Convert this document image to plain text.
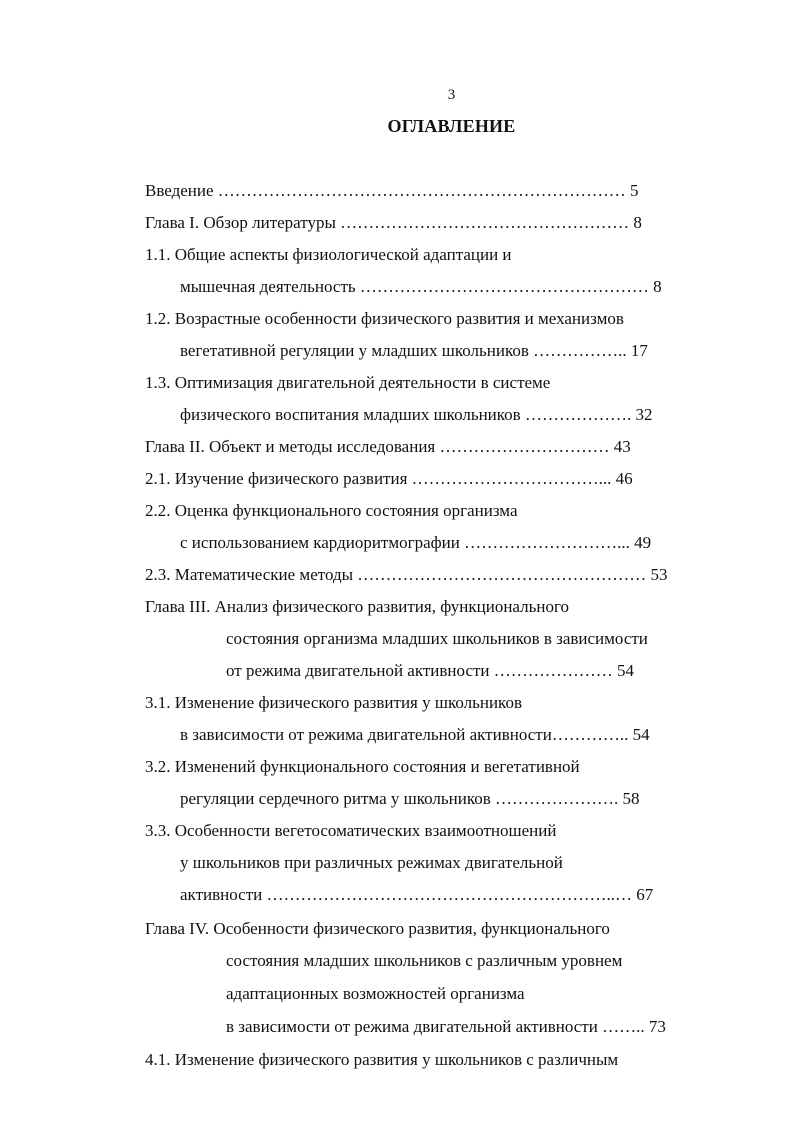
3
ОГЛАВЛЕНИЕ
Введение ……………………………………………………………… 5
Глава I. Обзор литературы …………………………………………… 8
1.1. Общие аспекты физиологической адаптации и
мышечная деятельность …………………………………………… 8
1.2. Возрастные особенности физического развития и механизмов
вегетативной регуляции у младших школьников …………….. 17
1.3. Оптимизация двигательной деятельности в системе
физического воспитания младших школьников ………………. 32
Глава II. Объект и методы исследования ………………………… 43
2.1. Изучение физического развития ……………………………... 46
2.2. Оценка функционального состояния организма
с использованием кардиоритмографии ………………………... 49
2.3. Математические методы …………………………………………… 53
Глава III. Анализ физического развития, функционального
состояния организма младших школьников в зависимости
от режима двигательной активности ………………… 54
3.1. Изменение физического развития у школьников
в зависимости от режима двигательной активности………….. 54
3.2. Изменений функционального состояния и вегетативной
регуляции сердечного ритма у школьников …………………. 58
3.3. Особенности вегетосоматических взаимоотношений
у школьников при различных режимах двигательной
активности ……………………………………………………..… 67
Глава IV. Особенности физического развития, функционального
состояния младших школьников с различным уровнем
адаптационных возможностей организма
в зависимости от режима двигательной активности …….. 73
4.1. Изменение физического развития у школьников с различным
